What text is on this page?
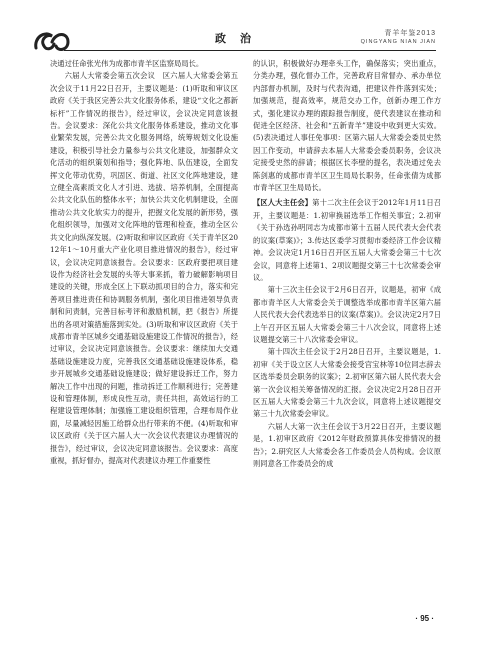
政治	青羊年鉴2013
QINGYANG NIAN JIAN

决通过任命张光伟为成都市青羊区监察局局长。

六届人大常委会第五次会议　区六届人大常委会第五次会议于11月22日召开，主要议题是：(1)听取和审议区政府《关于我区完善公共文化服务体系，建设“文化之都新标杆”工作情况的报告》，经过审议，会议决定同意该报告。会议要求：深化公共文化服务体系建设，推动文化事业繁荣发展，完善公共文化服务网络，统筹规划文化设施建设，积极引导社会力量参与公共文化建设，加强群众文化活动的组织策划和指导；强化阵地、队伍建设，全面发挥文化带动优势，巩固区、街道、社区文化阵地建设，建立健全高素质文化人才引进、选拔、培养机制，全面提高公共文化队伍的整体水平；加快公共文化机制建设，全面推动公共文化软实力的提升，把握文化发展的新形势，强化组织领导，加强对文化阵地的管理和检查，推动全区公共文化向纵深发展。(2)听取和审议区政府《关于青羊区2012年1～10月重大产业化项目推进情况的报告》，经过审议，会议决定同意该报告。会议要求：区政府要把项目建设作为经济社会发展的头等大事来抓，着力破解影响项目建设的关键，形成全区上下联动抓项目的合力，落实和完善项目推进责任和协调服务机制，强化项目推进领导负责制和问责制，完善目标考评和激励机制，把《报告》所提出的各项对策措施落到实处。(3)听取和审议区政府《关于成都市青羊区城乡交通基础设施建设工作情况的报告》，经过审议，会议决定同意该报告。会议要求：继续加大交通基础设施建设力度，完善我区交通基础设施建设体系，稳步开展城乡交通基础设施建设；做好建设拆迁工作，努力解决工作中出现的问题，推动拆迁工作顺利进行；完善建设和管理体制，形成良性互动，责任共担，高效运行的工程建设管理体制；加强施工建设组织管理，合理布局作业面，尽量减轻因施工给群众出行带来的不便。(4)听取和审议区政府《关于区六届人大一次会议代表建议办理情况的报告》，经过审议，会议决定同意该报告。会议要求：高度重视，抓好督办，提高对代表建议办理工作重要性

的认识，积极做好办理牵头工作，确保落实；突出重点，分类办理，强化督办工作，完善政府目常督办、承办单位内部督办机制，及时与代表沟通，把建议件件落到实处；加强规范，提高效率，规范交办工作，创新办理工作方式，强化建议办理的跟踪报告制度，使代表建议在推动和促进全区经济、社会和“五新青羊”建设中收到更大实效。(5)表决通过人事任免事项：区第六届人大常委会委员史然因工作变动，申请辞去本届人大常委会委员职务，会议决定接受史然的辞请；根据区长李壁的提名，表决通过免去陈剑惠的成都市青羊区卫生局局长职务，任命张倩为成都市青羊区卫生局局长。

【区人大主任会】第十二次主任会议于2012年1月11日召开，主要议题是：1.初审换届选举工作相关事宜；2.初审《关于孙选孙明同志为成都市第十五届人民代表大会代表的议案(草案)》；3.传达区委学习贯彻市委经济工作会议精神。会议决定1月16日召开区五届人大常委会第三十七次会议，同意将上述第1、2项议题提交第三十七次常委会审议。

第十三次主任会议于2月6日召开，议题是，初审《成都市青羊区人大常委会关于调整选举成都市青羊区第六届人民代表大会代表选举日的议案(草案)》。会议决定2月7日上午召开区五届人大常委会第三十八次会议，同意将上述议题提交第三十八次常委会审议。

第十四次主任会议于2月28日召开，主要议题是，1.初审《关于设立区人大常委会接受宫宝林等10位同志辞去区选举委员会职务的议案》；2.初审区第六届人民代表大会第一次会议相关筹备情况的汇报。会议决定2月28日召开区五届人大常委会第三十九次会议，同意将上述议题提交第三十九次常委会审议。

六届人大第一次主任会议于3月22日召开，主要议题是，1.初审区政府《2012年财政预算具体安排情况的报告》；2.研究区人大常委会各工作委员会人员构成。会议原则同意各工作委员会的成

· 95 ·
